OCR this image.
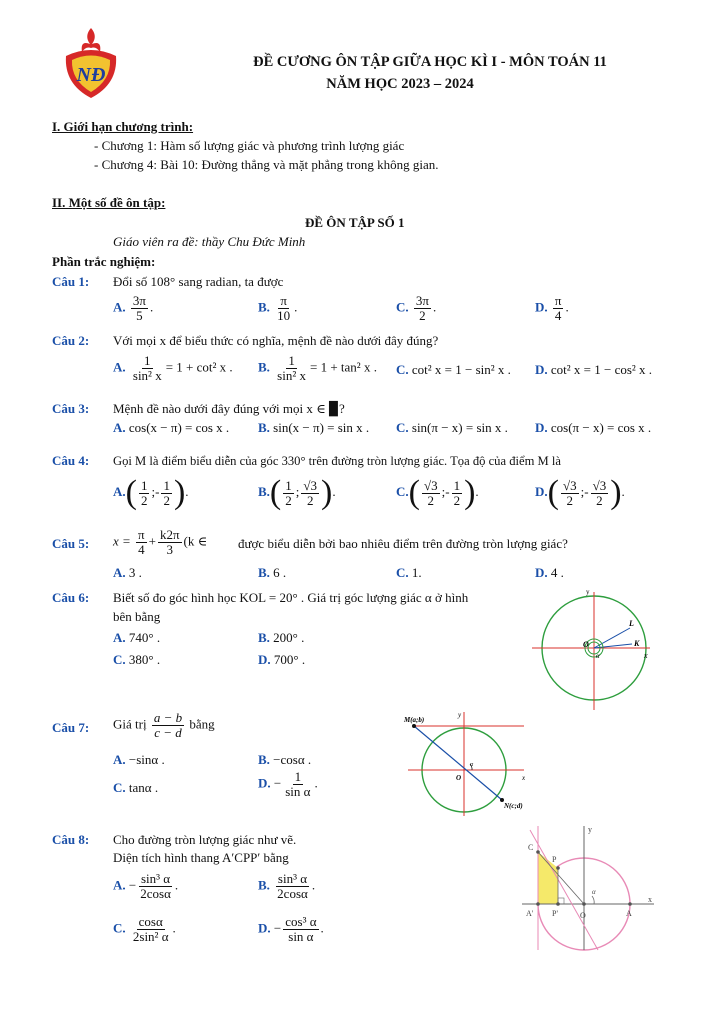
NĐ
ĐỀ CƯƠNG ÔN TẬP GIỮA HỌC KÌ I - MÔN TOÁN 11
NĂM HỌC 2023 – 2024
I. Giới hạn chương trình:
- Chương 1: Hàm số lượng giác và phương trình lượng giác
- Chương 4: Bài 10: Đường thẳng và mặt phẳng trong không gian.
II. Một số đề ôn tập:
ĐỀ ÔN TẬP SỐ 1
Giáo viên ra đề: thầy Chu Đức Minh
Phần trắc nghiệm:
Câu 1: Đổi số 108° sang radian, ta được
A. $\frac{3\pi}{5}$ .	B. $\frac{\pi}{10}$ .	C. $\frac{3\pi}{2}$ .	D. $\frac{\pi}{4}$ .
Câu 2: Với mọi x để biểu thức có nghĩa, mệnh đề nào dưới đây đúng?
A. $\frac{1}{\text{sin² x}} = 1 + \cot^2$ x . B. $\frac{1}{\text{sin² x}} = 1 + \tan^2$ x . C. cot² x = 1 − sin² x . D. cot² x = 1 − cos² x .
Câu 3: Mệnh đề nào dưới đây đúng với mọi x ∈ ▉?
A. cos(x − π) = cos x . B. sin(x − π) = sin x . C. sin(π − x) = sin x . D. cos(π − x) = cos x .
Câu 4: Gọi M là điểm biểu diễn của góc 330° trên đường tròn lượng giác. Tọa độ của điểm M là
$A.( \frac{1}{2}$ ;- $\frac{1}{2}$ ).	$B.( \frac{1}{2}$ ; $\frac{√3}{2}$ ).	$C.( \frac{√3}{2}$ ;- $\frac{1}{2}$ ).	$D.( \frac{√3}{2}$ ;- $\frac{√3}{2}$ ).
Câu 5: $x = \frac{\pi}{4} + \frac{k2\pi}{3} (k$ ∈ được biểu diễn bởi bao nhiêu điểm trên đường tròn lượng giác?
A. 3 .	B. 6 .	C. 1.	D. 4 .
Câu 6: Biết số đo góc hình học KOL = 20° . Giá trị góc lượng giác α ở hình
bên bằng
A. 740° .	B. 200° .
C. 380° .	D. 700° .
y
x
O	K
L
α
Câu 7: Giá trị $\frac{a - b}{c - d}$ bằng
A. −sinα .	B. −cosα .
C. tanα .	D. − $\frac{1}{\text{sin α}}$ .
M(a;b)
N(c;d)
O	x
y
α
Câu 8: Cho đường tròn lượng giác như vẽ.
Diện tích hình thang A′CPP′ bằng
A. − $\frac{\text{sin³ α}}{2\cos\alpha}$ .	B. $\frac{\text{sin³ α}}{2\cos\alpha}$ .
C. $\frac{\cos\alpha}{\text{2sin² α}}$ .	D. − $\frac{\text{cos³ α}}{\text{sin α}}$ .
C
P
P'
A'	O	A
x
y
α
